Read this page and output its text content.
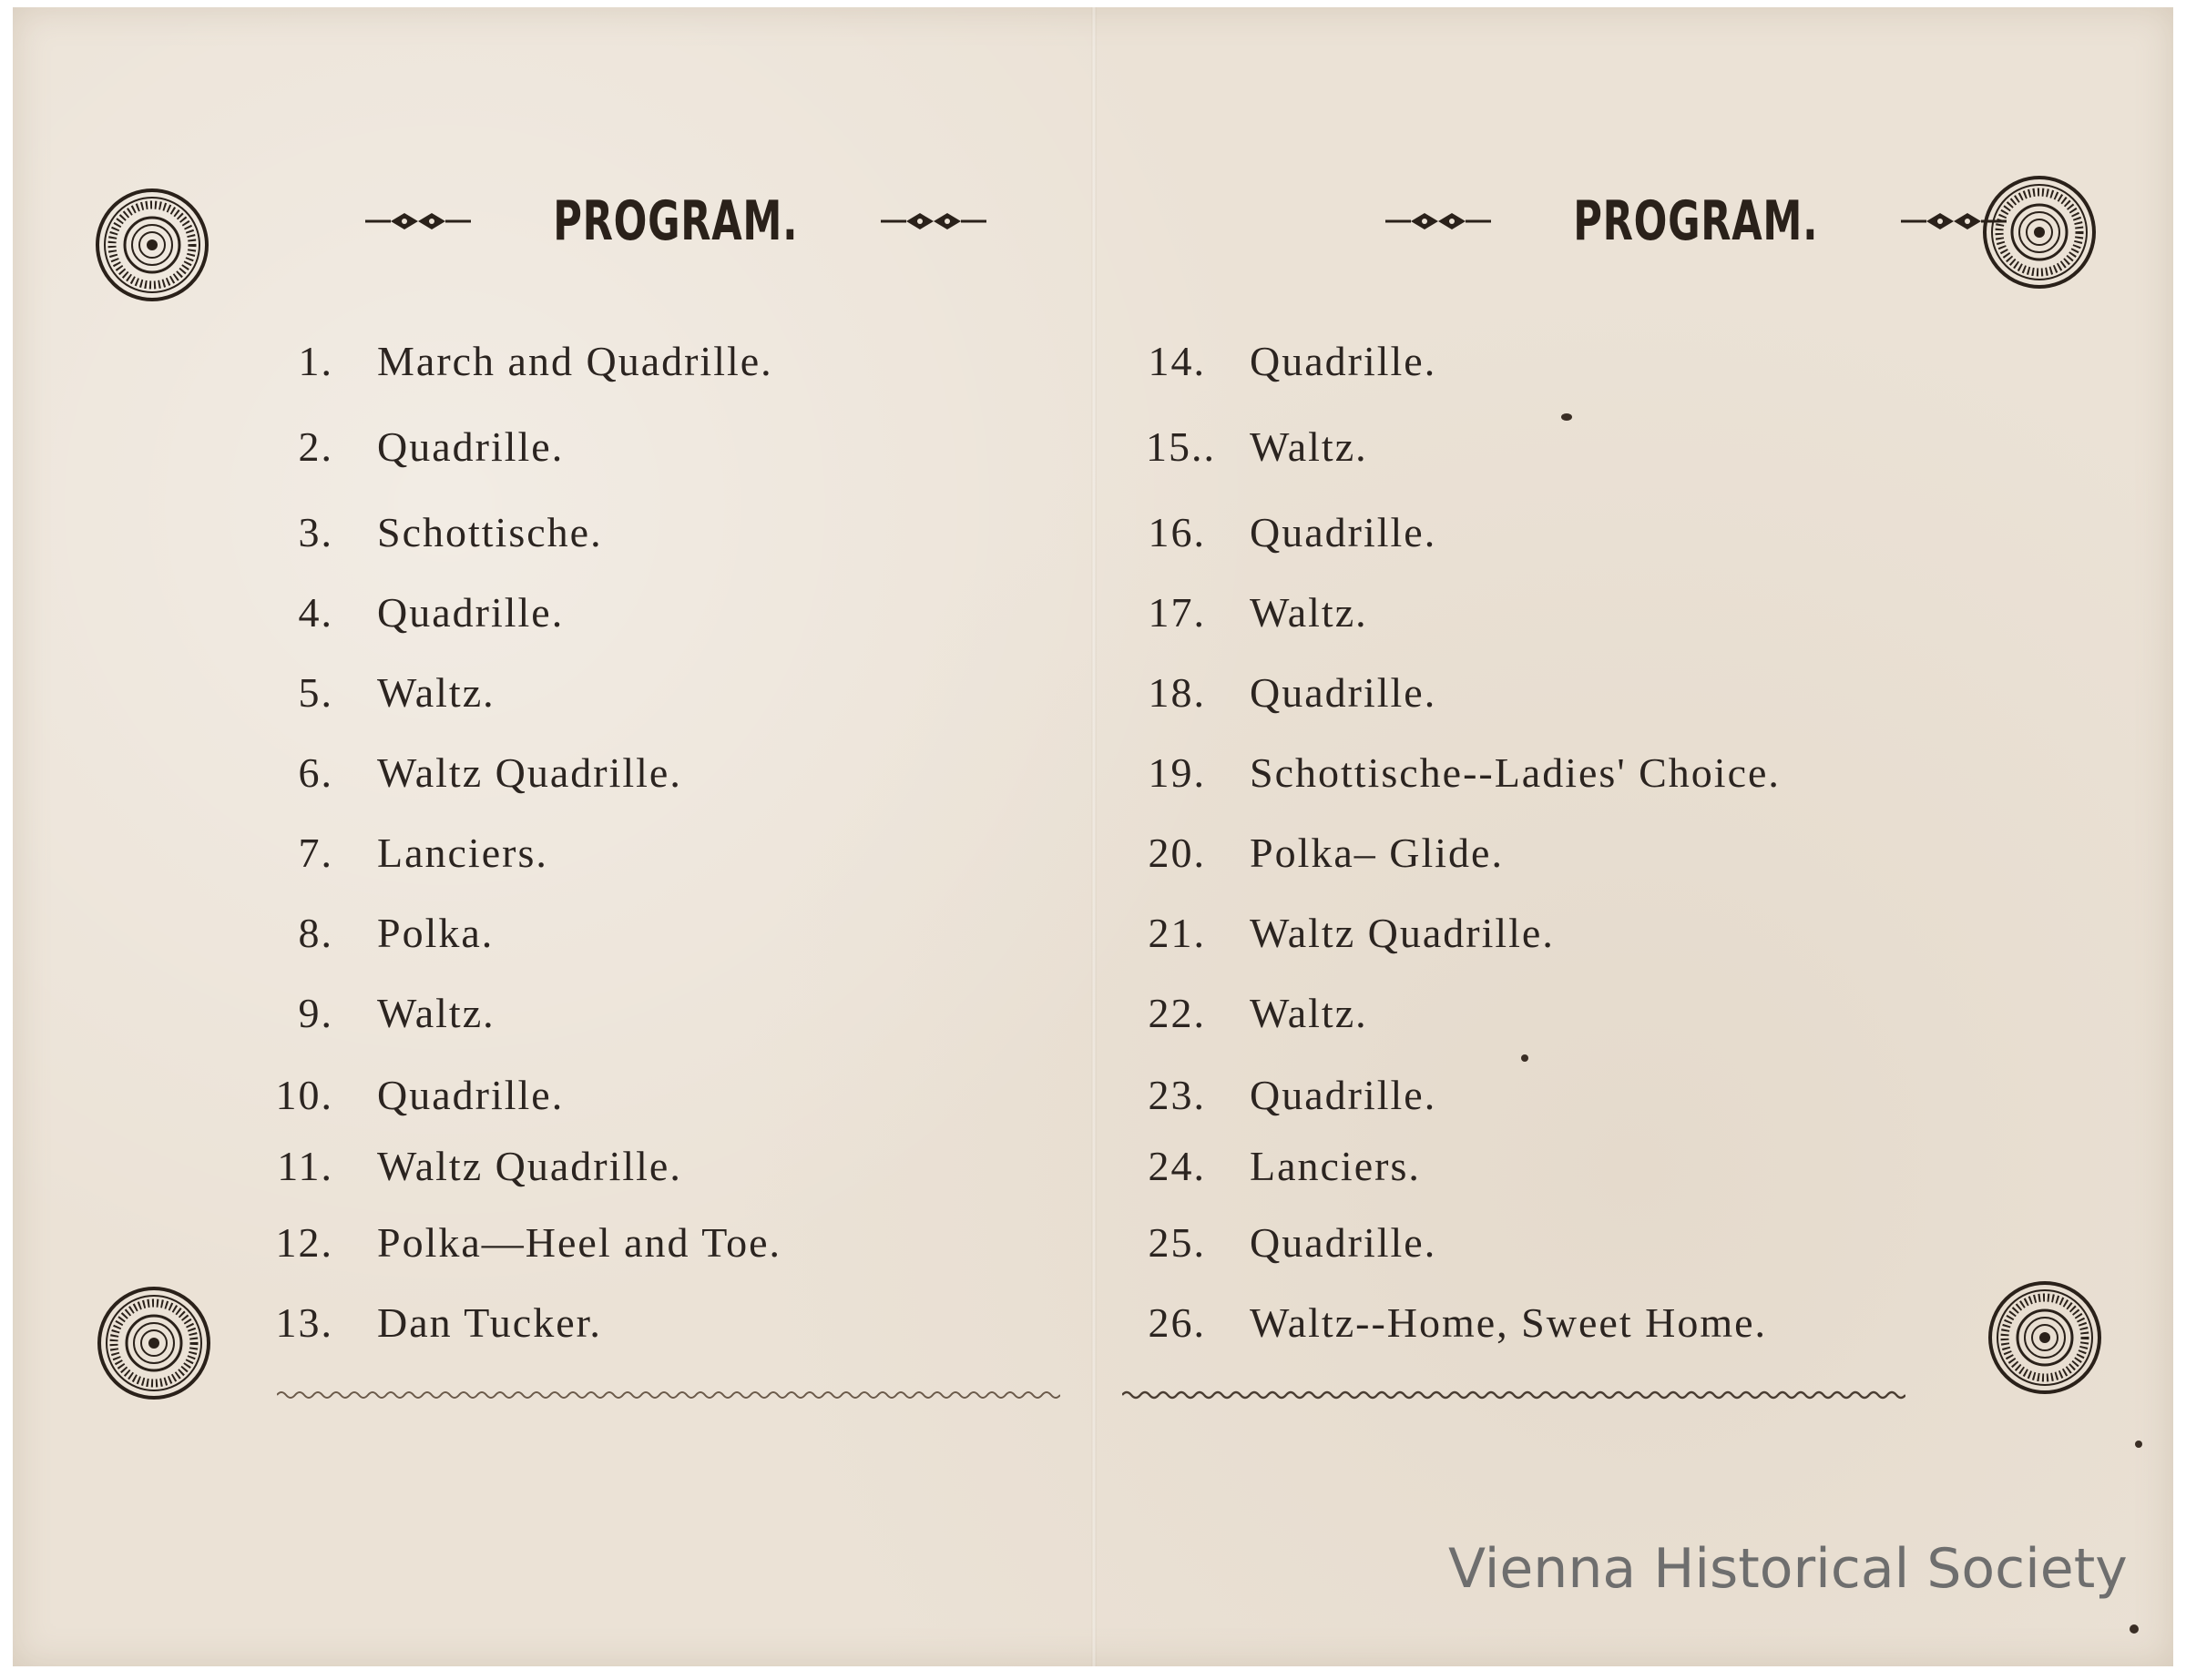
PROGRAM.
1. March and Quadrille.
2. Quadrille.
3. Schottische.
4. Quadrille.
5. Waltz.
6. Waltz Quadrille.
7. Lanciers.
8. Polka.
9. Waltz.
10. Quadrille.
11. Waltz Quadrille.
12. Polka—Heel and Toe.
13. Dan Tucker.
PROGRAM.
14. Quadrille.
15.. Waltz.
16. Quadrille.
17. Waltz.
18. Quadrille.
19. Schottische--Ladies' Choice.
20. Polka– Glide.
21. Waltz Quadrille.
22. Waltz.
23. Quadrille.
24. Lanciers.
25. Quadrille.
26. Waltz--Home, Sweet Home.
Vienna Historical Society
